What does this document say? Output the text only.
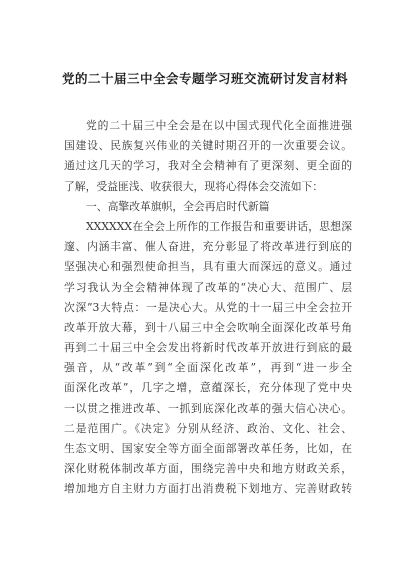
党的二十届三中全会专题学习班交流研讨发言材料
党的二十届三中全会是在以中国式现代化全面推进强
国建设、民族复兴伟业的关键时期召开的一次重要会议。
通过这几天的学习，我对全会精神有了更深刻、更全面的
了解，受益匪浅、收获很大，现将心得体会交流如下：
一、高擎改革旗帜，全会再启时代新篇
XXXXXX在全会上所作的工作报告和重要讲话，思想深
邃、内涵丰富、催人奋进，充分彰显了将改革进行到底的
坚强决心和强烈使命担当，具有重大而深远的意义。通过
学习我认为全会精神体现了改革的“决心大、范围广、层
次深”3大特点：一是决心大。从党的十一届三中全会拉开
改革开放大幕，到十八届三中全会吹响全面深化改革号角
再到二十届三中全会发出将新时代改革开放进行到底的最
强音，从“改革”到“全面深化改革”，再到“进一步全
面深化改革”，几字之增，意蕴深长，充分体现了党中央
一以贯之推进改革、一抓到底深化改革的强大信心决心。
二是范围广。《决定》分别从经济、政治、文化、社会、
生态文明、国家安全等方面全面部署改革任务，比如，在
深化财税体制改革方面，围绕完善中央和地方财政关系，
增加地方自主财力方面打出消费税下划地方、完善财政转
